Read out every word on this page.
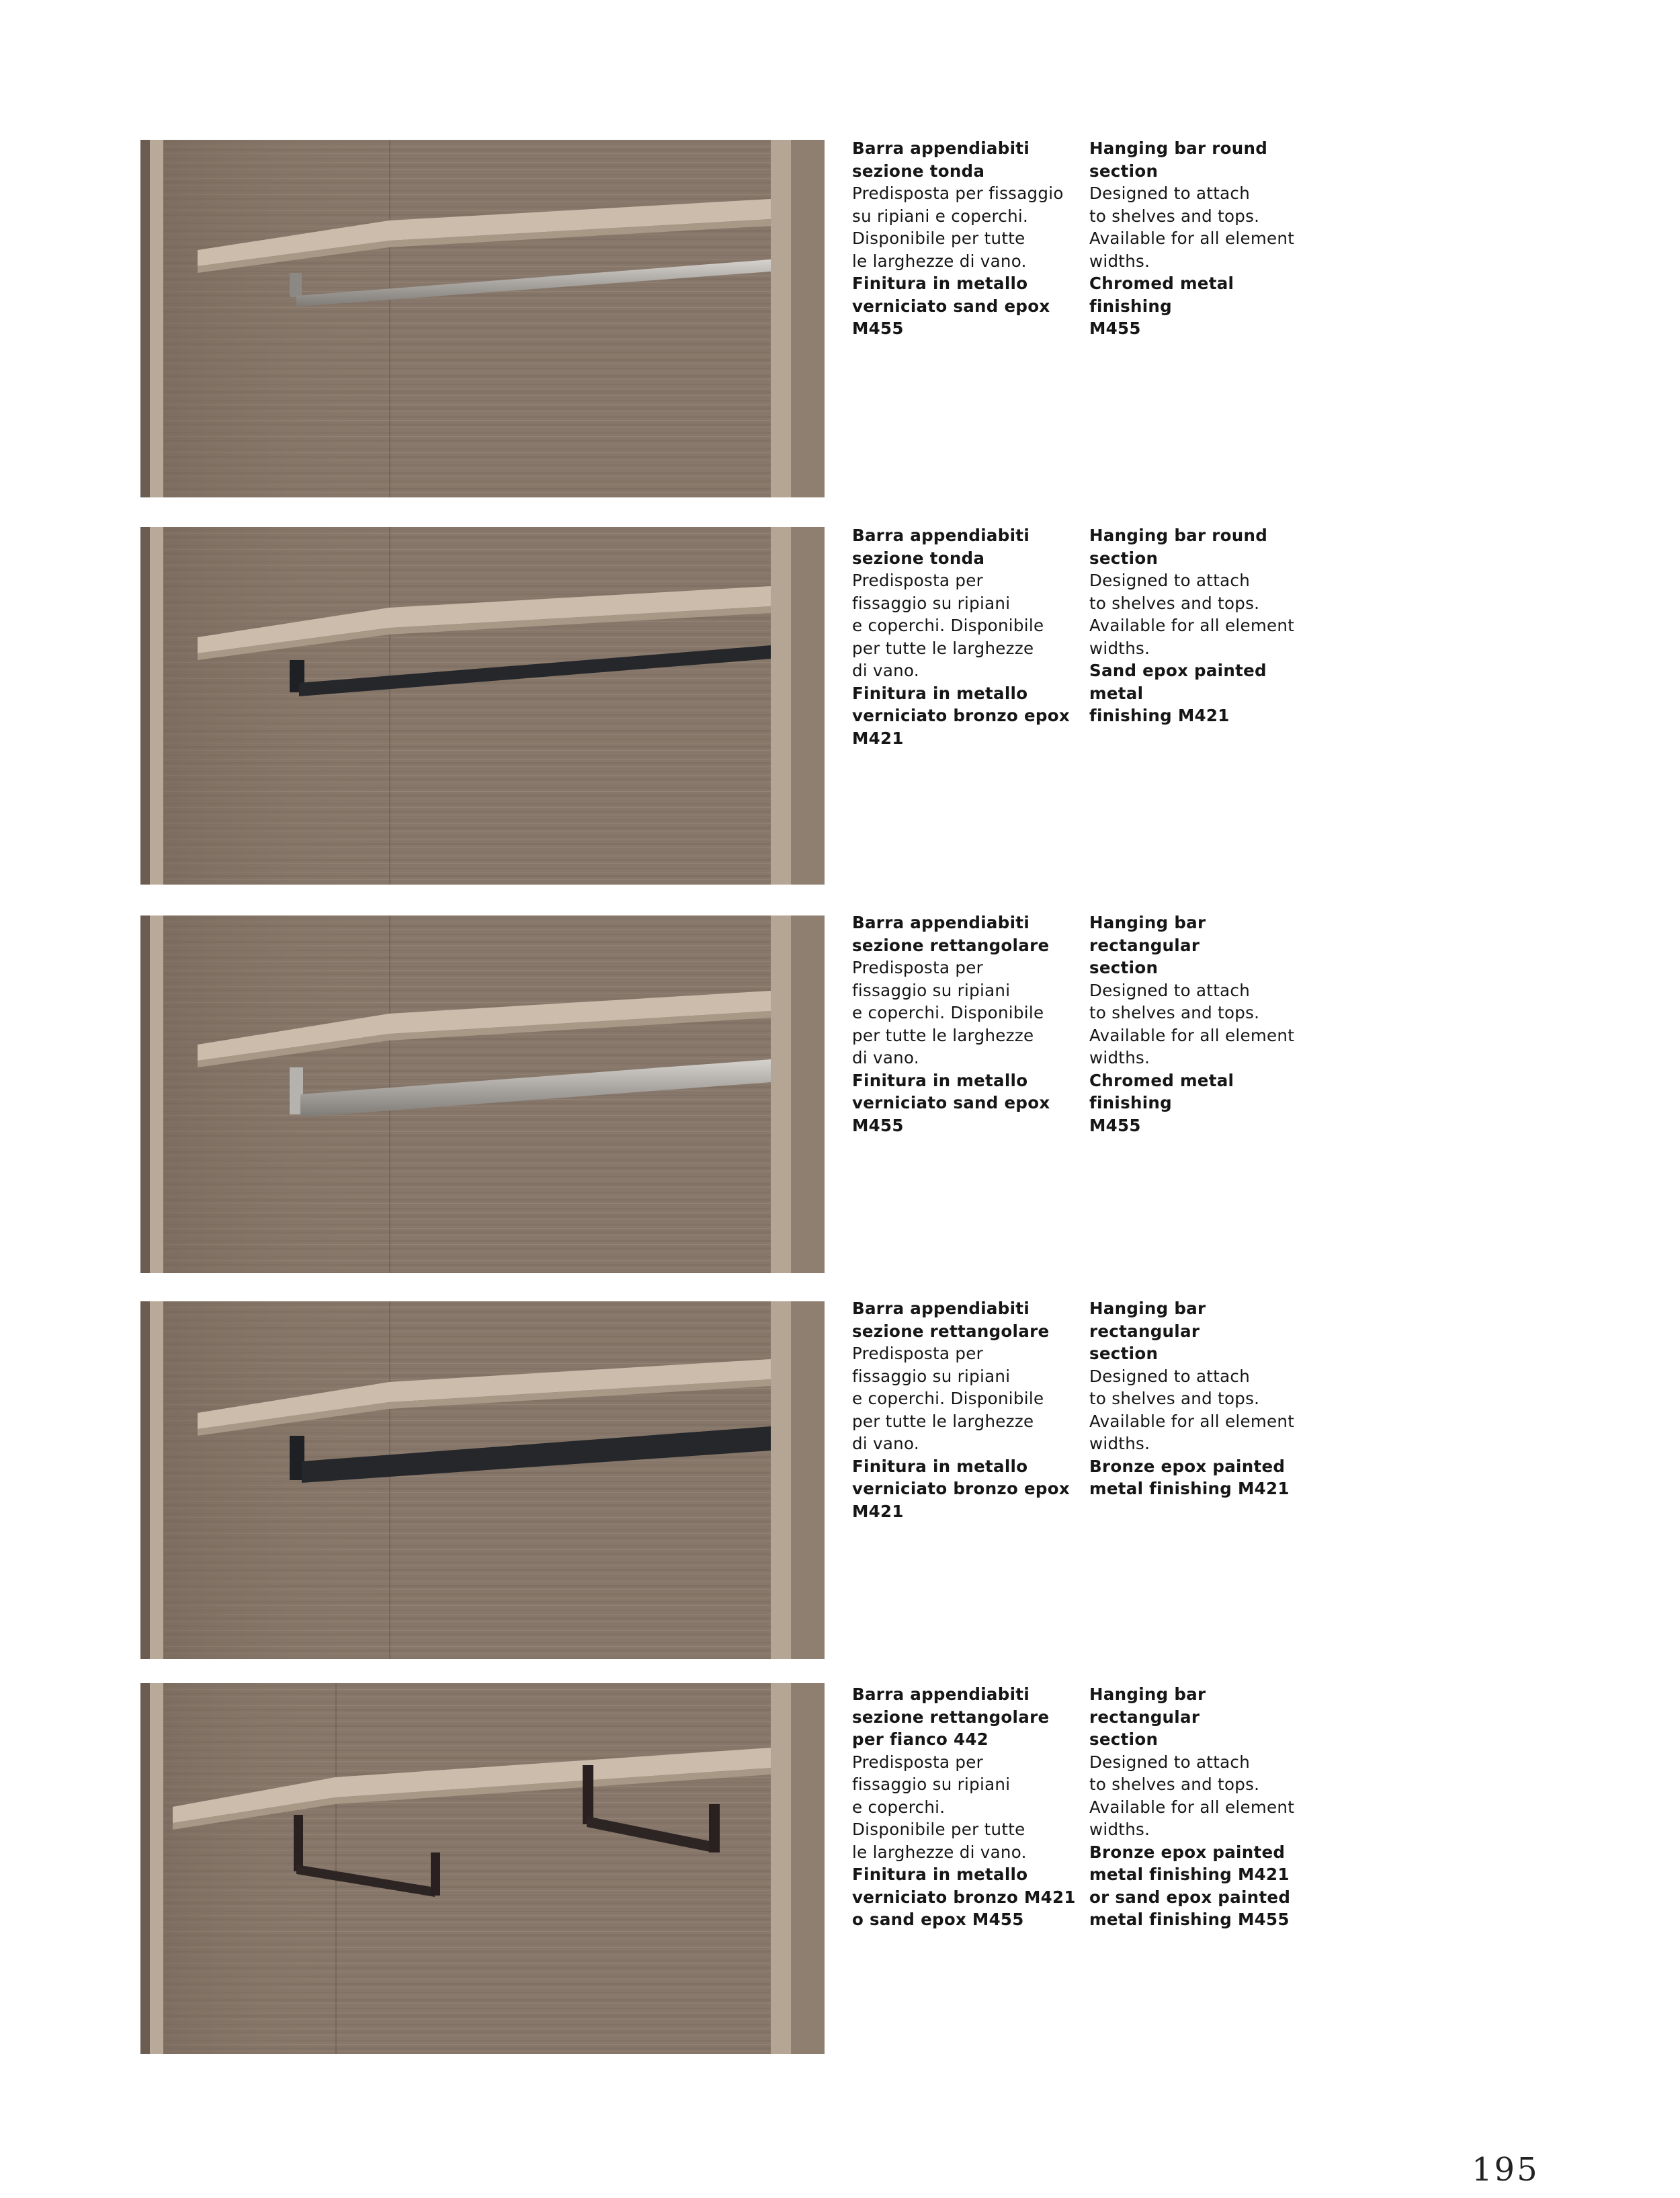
Barra appendiabiti
sezione tonda
Predisposta per fissaggio
su ripiani e coperchi.
Disponibile per tutte
le larghezze di vano.
Finitura in metallo
verniciato sand epox
M455
Hanging bar round
section
Designed to attach
to shelves and tops.
Available for all element
widths.
Chromed metal finishing
M455
Barra appendiabiti
sezione tonda
Predisposta per
fissaggio su ripiani
e coperchi. Disponibile
per tutte le larghezze
di vano.
Finitura in metallo
verniciato bronzo epox
M421
Hanging bar round
section
Designed to attach
to shelves and tops.
Available for all element
widths.
Sand epox painted metal
finishing M421
Barra appendiabiti
sezione rettangolare
Predisposta per
fissaggio su ripiani
e coperchi. Disponibile
per tutte le larghezze
di vano.
Finitura in metallo
verniciato sand epox
M455
Hanging bar rectangular
section
Designed to attach
to shelves and tops.
Available for all element
widths.
Chromed metal finishing
M455
Barra appendiabiti
sezione rettangolare
Predisposta per
fissaggio su ripiani
e coperchi. Disponibile
per tutte le larghezze
di vano.
Finitura in metallo
verniciato bronzo epox
M421
Hanging bar rectangular
section
Designed to attach
to shelves and tops.
Available for all element
widths.
Bronze epox painted
metal finishing M421
Barra appendiabiti
sezione rettangolare
per fianco 442
Predisposta per
fissaggio su ripiani
e coperchi.
Disponibile per tutte
le larghezze di vano.
Finitura in metallo
verniciato bronzo M421
o sand epox M455
Hanging bar rectangular
section
Designed to attach
to shelves and tops.
Available for all element
widths.
Bronze epox painted
metal finishing M421
or sand epox painted
metal finishing M455
195
